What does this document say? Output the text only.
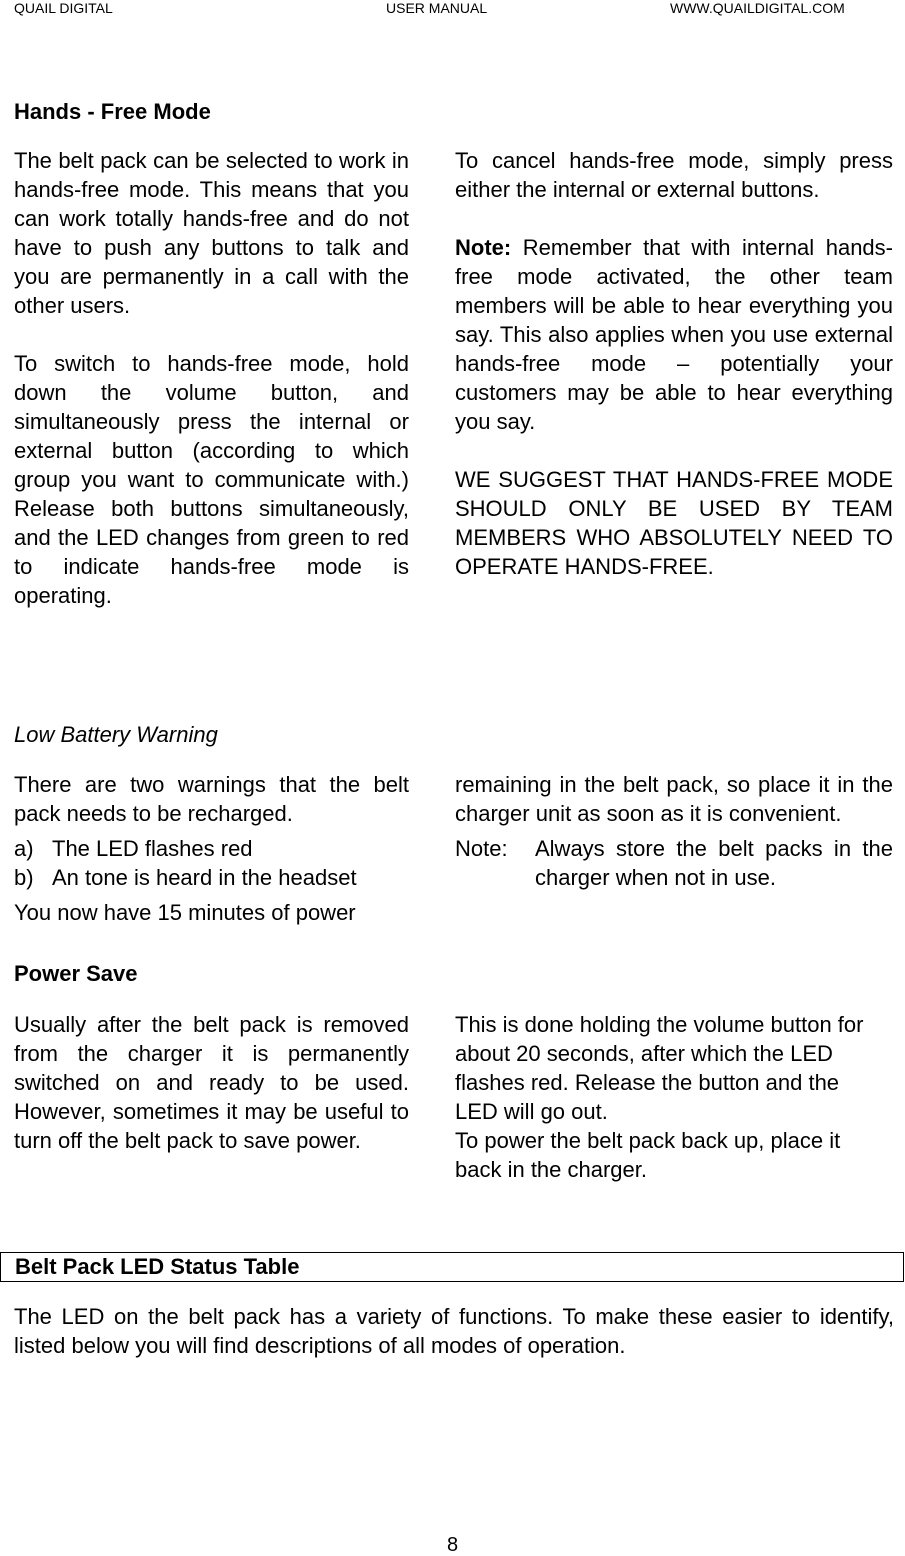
QUAIL DIGITAL	USER MANUAL	WWW.QUAILDIGITAL.COM
Hands - Free Mode

The belt pack can be selected to work in hands-free mode. This means that you can work totally hands-free and do not have to push any buttons to talk and you are permanently in a call with the other users.

To switch to hands-free mode, hold down the volume button, and simultaneously press the internal or external button (according to which group you want to communicate with.) Release both buttons simultaneously, and the LED changes from green to red to indicate hands-free mode is operating.

To cancel hands-free mode, simply press either the internal or external buttons.

Note: Remember that with internal hands-free mode activated, the other team members will be able to hear everything you say. This also applies when you use external hands-free mode – potentially your customers may be able to hear everything you say.

WE SUGGEST THAT HANDS-FREE MODE SHOULD ONLY BE USED BY TEAM MEMBERS WHO ABSOLUTELY NEED TO OPERATE HANDS-FREE.

Low Battery Warning

There are two warnings that the belt pack needs to be recharged.

a) The LED flashes red
b) An tone is heard in the headset

You now have 15 minutes of power

remaining in the belt pack, so place it in the charger unit as soon as it is convenient.

Note:	Always store the belt packs in the charger when not in use.
Power Save

Usually after the belt pack is removed from the charger it is permanently switched on and ready to be used. However, sometimes it may be useful to turn off the belt pack to save power.

This is done holding the volume button for about 20 seconds, after which the LED flashes red. Release the button and the LED will go out.

To power the belt pack back up, place it back in the charger.

Belt Pack LED Status Table
The LED on the belt pack has a variety of functions. To make these easier to identify, listed below you will find descriptions of all modes of operation.
8
